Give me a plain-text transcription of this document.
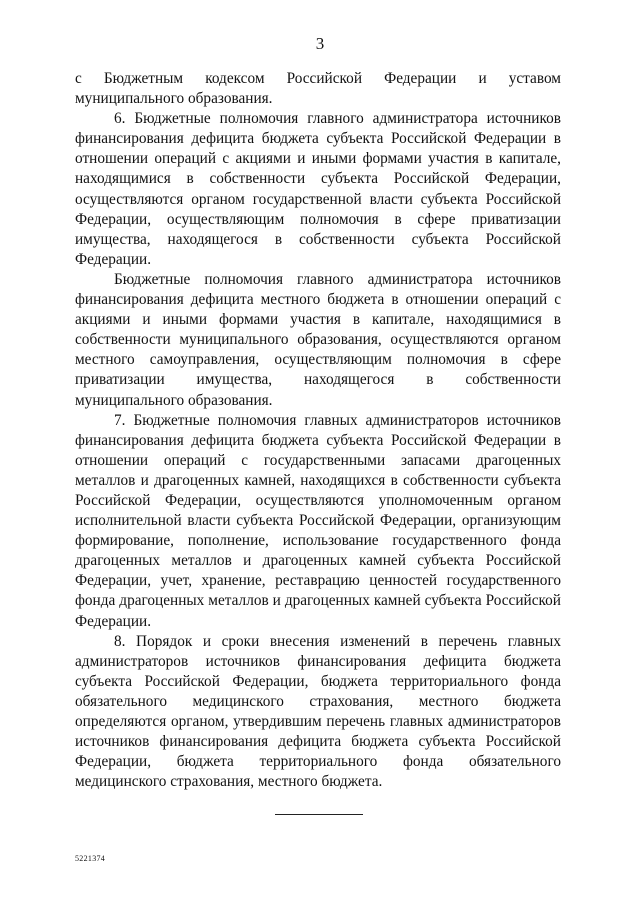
3

с Бюджетным кодексом Российской Федерации и уставом муниципального образования.

6. Бюджетные полномочия главного администратора источников финансирования дефицита бюджета субъекта Российской Федерации в отношении операций с акциями и иными формами участия в капитале, находящимися в собственности субъекта Российской Федерации, осуществляются органом государственной власти субъекта Российской Федерации, осуществляющим полномочия в сфере приватизации имущества, находящегося в собственности субъекта Российской Федерации.

Бюджетные полномочия главного администратора источников финансирования дефицита местного бюджета в отношении операций с акциями и иными формами участия в капитале, находящимися в собственности муниципального образования, осуществляются органом местного самоуправления, осуществляющим полномочия в сфере приватизации имущества, находящегося в собственности муниципального образования.

7. Бюджетные полномочия главных администраторов источников финансирования дефицита бюджета субъекта Российской Федерации в отношении операций с государственными запасами драгоценных металлов и драгоценных камней, находящихся в собственности субъекта Российской Федерации, осуществляются уполномоченным органом исполнительной власти субъекта Российской Федерации, организующим формирование, пополнение, использование государственного фонда драгоценных металлов и драгоценных камней субъекта Российской Федерации, учет, хранение, реставрацию ценностей государственного фонда драгоценных металлов и драгоценных камней субъекта Российской Федерации.

8. Порядок и сроки внесения изменений в перечень главных администраторов источников финансирования дефицита бюджета субъекта Российской Федерации, бюджета территориального фонда обязательного медицинского страхования, местного бюджета определяются органом, утвердившим перечень главных администраторов источников финансирования дефицита бюджета субъекта Российской Федерации, бюджета территориального фонда обязательного медицинского страхования, местного бюджета.

5221374
